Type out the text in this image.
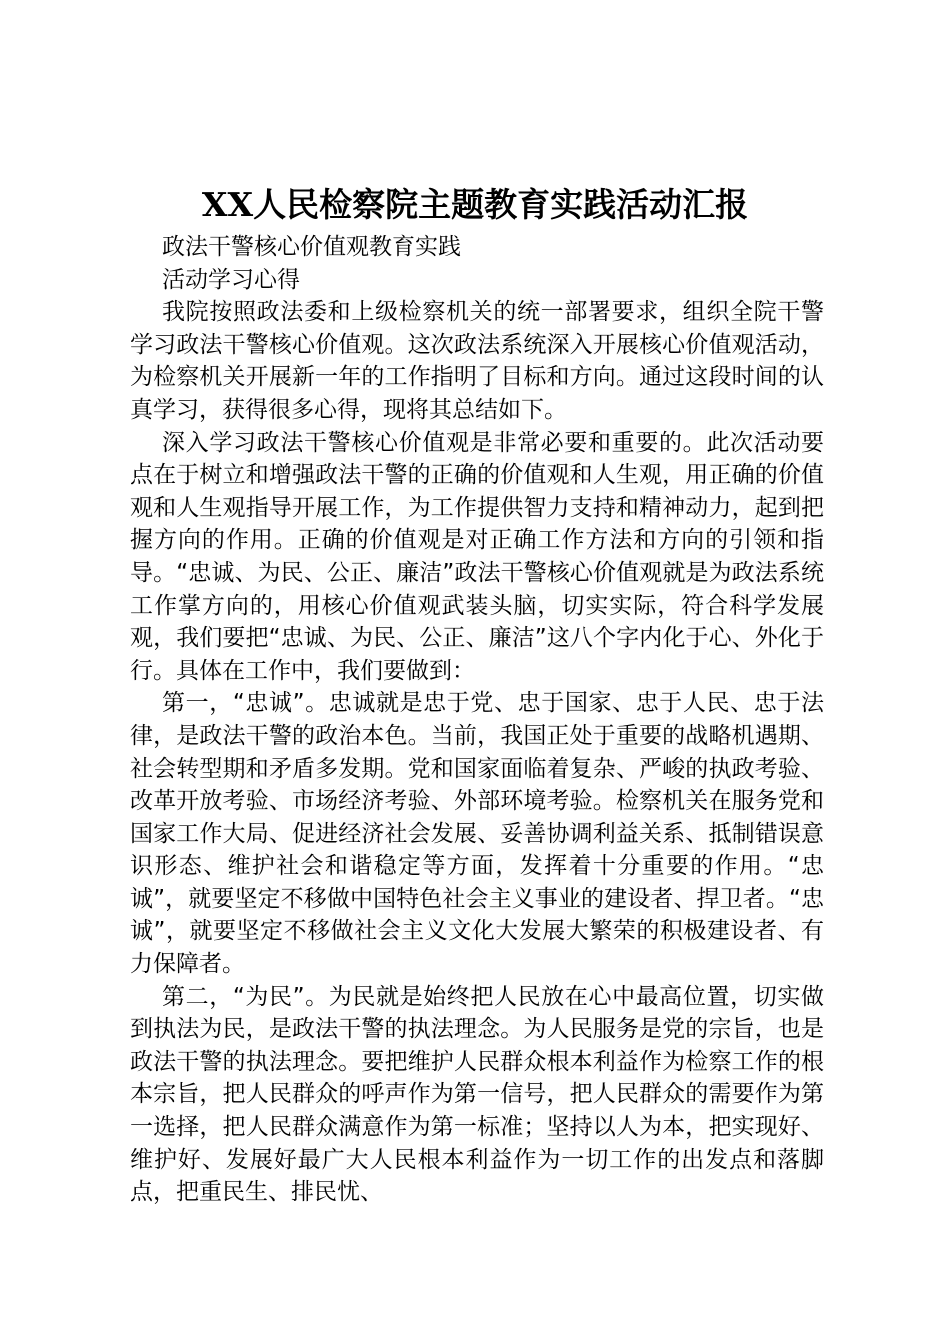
XX人民检察院主题教育实践活动汇报

政法干警核心价值观教育实践

活动学习心得

我院按照政法委和上级检察机关的统一部署要求，组织全院干警学习政法干警核心价值观。这次政法系统深入开展核心价值观活动，为检察机关开展新一年的工作指明了目标和方向。通过这段时间的认真学习，获得很多心得，现将其总结如下。

深入学习政法干警核心价值观是非常必要和重要的。此次活动要点在于树立和增强政法干警的正确的价值观和人生观，用正确的价值观和人生观指导开展工作，为工作提供智力支持和精神动力，起到把握方向的作用。正确的价值观是对正确工作方法和方向的引领和指导。“忠诚、为民、公正、廉洁”政法干警核心价值观就是为政法系统工作掌方向的，用核心价值观武装头脑，切实实际，符合科学发展观，我们要把“忠诚、为民、公正、廉洁”这八个字内化于心、外化于行。具体在工作中，我们要做到：

第一，“忠诚”。忠诚就是忠于党、忠于国家、忠于人民、忠于法律，是政法干警的政治本色。当前，我国正处于重要的战略机遇期、社会转型期和矛盾多发期。党和国家面临着复杂、严峻的执政考验、改革开放考验、市场经济考验、外部环境考验。检察机关在服务党和国家工作大局、促进经济社会发展、妥善协调利益关系、抵制错误意识形态、维护社会和谐稳定等方面，发挥着十分重要的作用。“忠诚”，就要坚定不移做中国特色社会主义事业的建设者、捍卫者。“忠诚”，就要坚定不移做社会主义文化大发展大繁荣的积极建设者、有力保障者。

第二，“为民”。为民就是始终把人民放在心中最高位置，切实做到执法为民，是政法干警的执法理念。为人民服务是党的宗旨，也是政法干警的执法理念。要把维护人民群众根本利益作为检察工作的根本宗旨，把人民群众的呼声作为第一信号，把人民群众的需要作为第一选择，把人民群众满意作为第一标准；坚持以人为本，把实现好、维护好、发展好最广大人民根本利益作为一切工作的出发点和落脚点，把重民生、排民忧、
